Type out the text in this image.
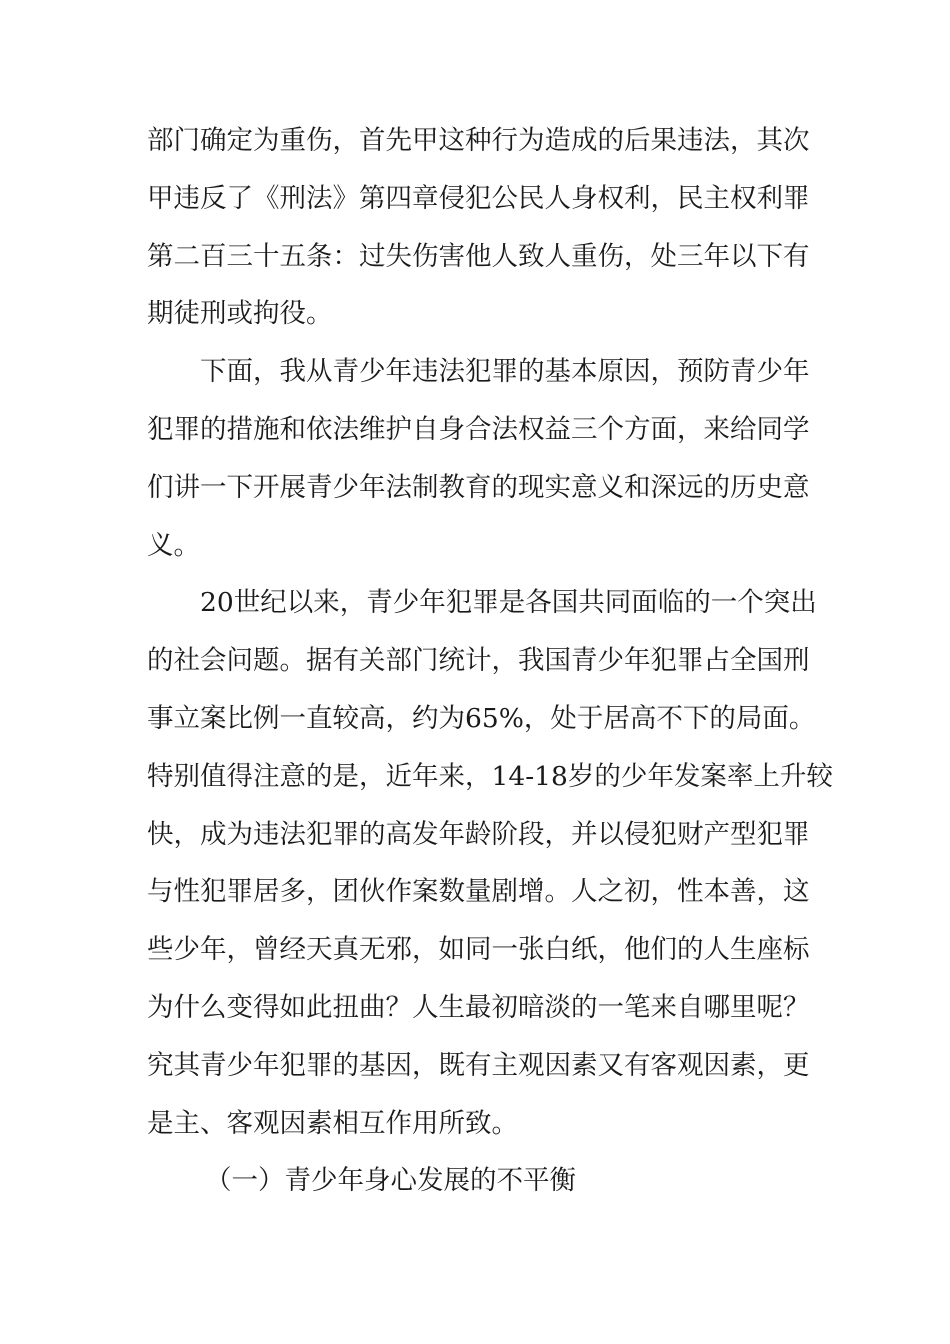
部门确定为重伤，首先甲这种行为造成的后果违法，其次
甲违反了《刑法》第四章侵犯公民人身权利，民主权利罪
第二百三十五条：过失伤害他人致人重伤，处三年以下有
期徒刑或拘役。
下面，我从青少年违法犯罪的基本原因，预防青少年
犯罪的措施和依法维护自身合法权益三个方面，来给同学
们讲一下开展青少年法制教育的现实意义和深远的历史意
义。
20世纪以来，青少年犯罪是各国共同面临的一个突出
的社会问题。据有关部门统计，我国青少年犯罪占全国刑
事立案比例一直较高，约为65%，处于居高不下的局面。
特别值得注意的是，近年来，14-18岁的少年发案率上升较
快，成为违法犯罪的高发年龄阶段，并以侵犯财产型犯罪
与性犯罪居多，团伙作案数量剧增。人之初，性本善，这
些少年，曾经天真无邪，如同一张白纸，他们的人生座标
为什么变得如此扭曲？人生最初暗淡的一笔来自哪里呢？
究其青少年犯罪的基因，既有主观因素又有客观因素，更
是主、客观因素相互作用所致。
（一）青少年身心发展的不平衡
